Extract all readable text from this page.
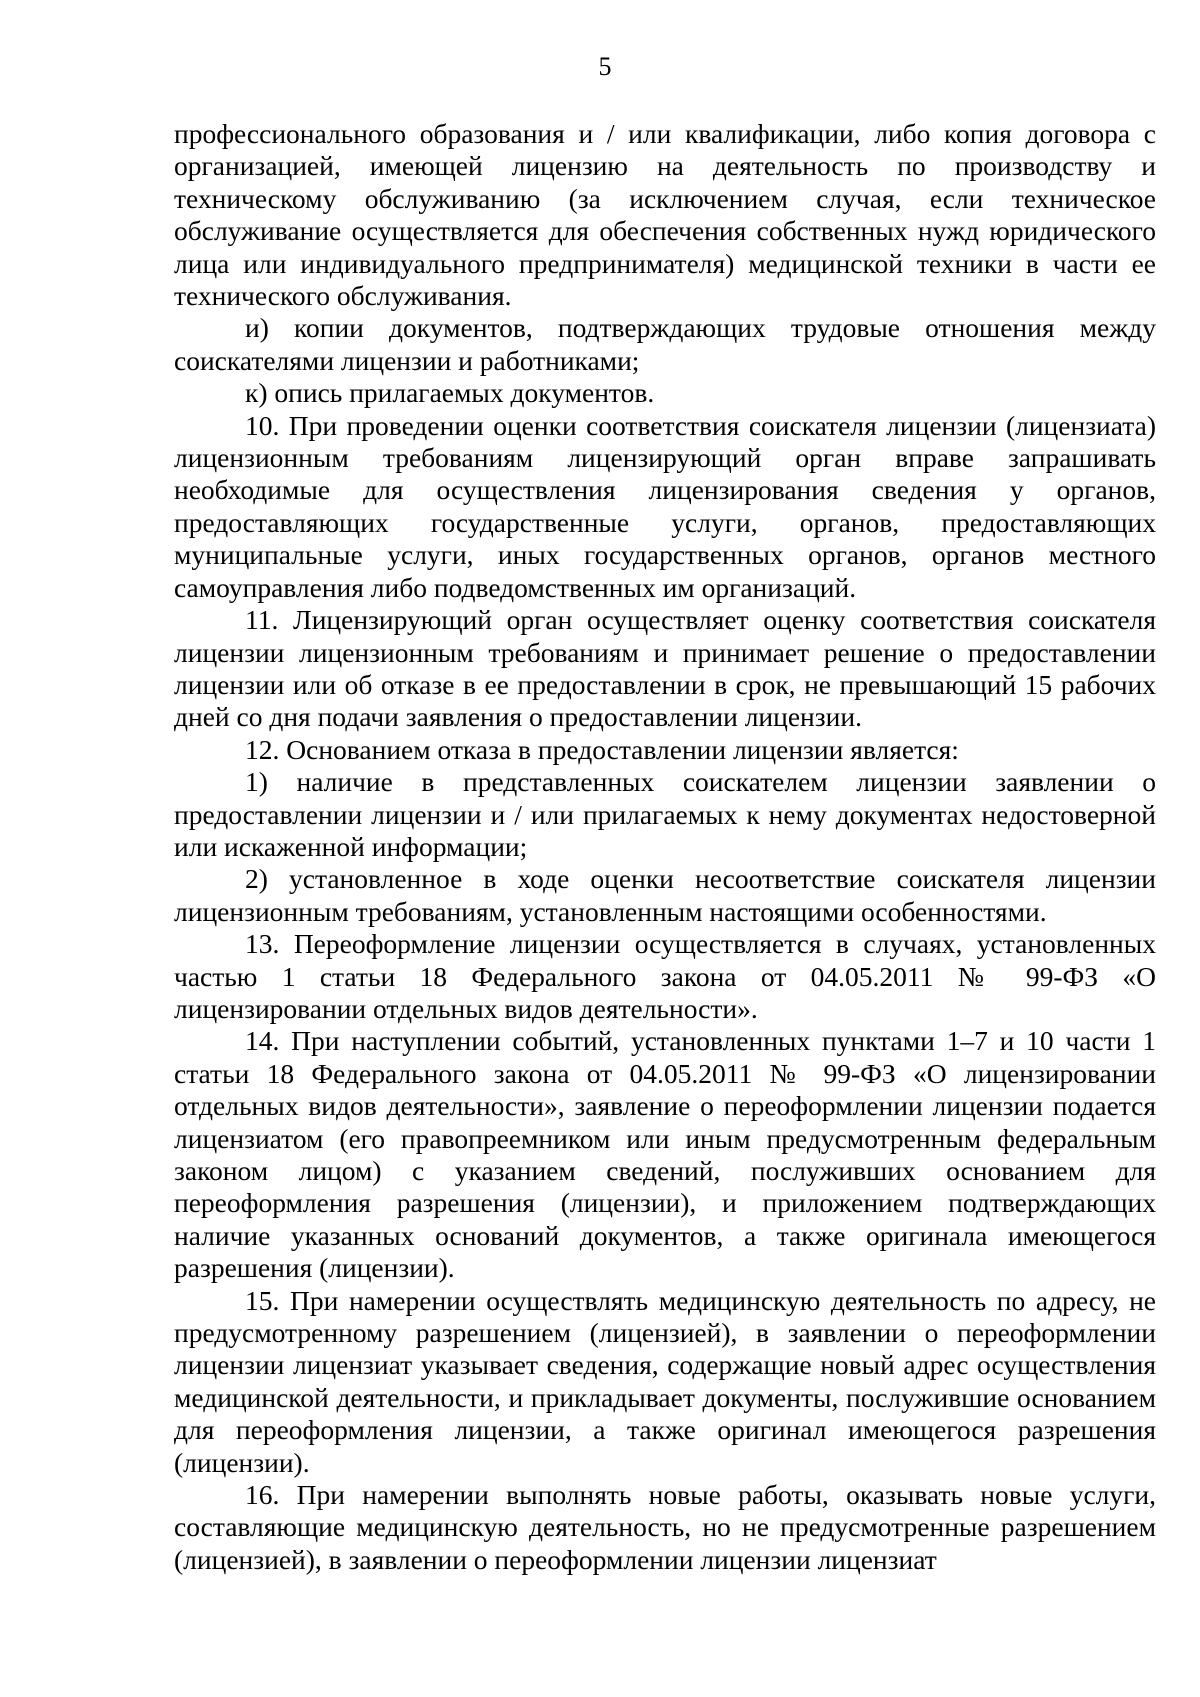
5

профессионального образования и / или квалификации, либо копия договора с организацией, имеющей лицензию на деятельность по производству и техническому обслуживанию (за исключением случая, если техническое обслуживание осуществляется для обеспечения собственных нужд юридического лица или индивидуального предпринимателя) медицинской техники в части ее технического обслуживания.

и) копии документов, подтверждающих трудовые отношения между соискателями лицензии и работниками;

к) опись прилагаемых документов.

10. При проведении оценки соответствия соискателя лицензии (лицензиата) лицензионным требованиям лицензирующий орган вправе запрашивать необходимые для осуществления лицензирования сведения у органов, предоставляющих государственные услуги, органов, предоставляющих муниципальные услуги, иных государственных органов, органов местного самоуправления либо подведомственных им организаций.

11. Лицензирующий орган осуществляет оценку соответствия соискателя лицензии лицензионным требованиям и принимает решение о предоставлении лицензии или об отказе в ее предоставлении в срок, не превышающий 15 рабочих дней со дня подачи заявления о предоставлении лицензии.

12. Основанием отказа в предоставлении лицензии является:

1) наличие в представленных соискателем лицензии заявлении о предоставлении лицензии и / или прилагаемых к нему документах недостоверной или искаженной информации;

2) установленное в ходе оценки несоответствие соискателя лицензии лицензионным требованиям, установленным настоящими особенностями.

13. Переоформление лицензии осуществляется в случаях, установленных частью 1 статьи 18 Федерального закона от 04.05.2011 № 99-ФЗ «О лицензировании отдельных видов деятельности».

14. При наступлении событий, установленных пунктами 1–7 и 10 части 1 статьи 18 Федерального закона от 04.05.2011 № 99-ФЗ «О лицензировании отдельных видов деятельности», заявление о переоформлении лицензии подается лицензиатом (его правопреемником или иным предусмотренным федеральным законом лицом) с указанием сведений, послуживших основанием для переоформления разрешения (лицензии), и приложением подтверждающих наличие указанных оснований документов, а также оригинала имеющегося разрешения (лицензии).

15. При намерении осуществлять медицинскую деятельность по адресу, не предусмотренному разрешением (лицензией), в заявлении о переоформлении лицензии лицензиат указывает сведения, содержащие новый адрес осуществления медицинской деятельности, и прикладывает документы, послужившие основанием для переоформления лицензии, а также оригинал имеющегося разрешения (лицензии).

16. При намерении выполнять новые работы, оказывать новые услуги, составляющие медицинскую деятельность, но не предусмотренные разрешением (лицензией), в заявлении о переоформлении лицензии лицензиат
